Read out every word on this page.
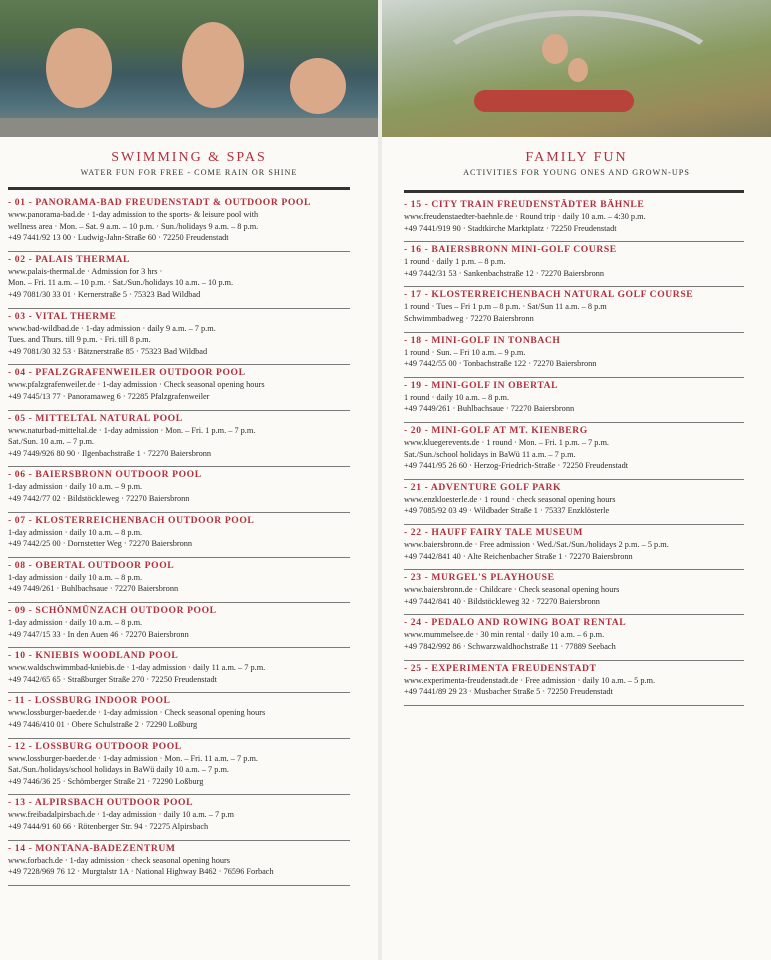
SWIMMING & SPAS

WATER FUN FOR FREE - COME RAIN OR SHINE

- 01 - PANORAMA-BAD FREUDENSTADT & OUTDOOR POOL
www.panorama-bad.de · 1-day admission to the sports- & leisure pool with
wellness area · Mon. – Sat. 9 a.m. – 10 p.m. · Sun./holidays 9 a.m. – 8 p.m.
+49 7441/92 13 00 · Ludwig-Jahn-Straße 60 · 72250 Freudenstadt
- 02 - PALAIS THERMAL
www.palais-thermal.de · Admission for 3 hrs ·
Mon. – Fri. 11 a.m. – 10 p.m. · Sat./Sun./holidays 10 a.m. – 10 p.m.
+49 7081/30 33 01 · Kernerstraße 5 · 75323 Bad Wildbad
- 03 - VITAL THERME
www.bad-wildbad.de · 1-day admission · daily 9 a.m. – 7 p.m.
Tues. and Thurs. till 9 p.m. · Fri. till 8 p.m.
+49 7081/30 32 53 · Bätznerstraße 85 · 75323 Bad Wildbad
- 04 - PFALZGRAFENWEILER OUTDOOR POOL
www.pfalzgrafenweiler.de · 1-day admission · Check seasonal opening hours
+49 7445/13 77 · Panoramaweg 6 · 72285 Pfalzgrafenweiler
- 05 - MITTELTAL NATURAL POOL
www.naturbad-mitteltal.de · 1-day admission · Mon. – Fri. 1 p.m. – 7 p.m.
Sat./Sun. 10 a.m. – 7 p.m.
+49 7449/926 80 90 · Ilgenbachstraße 1 · 72270 Baiersbronn
- 06 - BAIERSBRONN OUTDOOR POOL
1-day admission · daily 10 a.m. – 9 p.m.
+49 7442/77 02 · Bildstöckleweg · 72270 Baiersbronn
- 07 - KLOSTERREICHENBACH OUTDOOR POOL
1-day admission · daily 10 a.m. – 8 p.m.
+49 7442/25 00 · Dornstetter Weg · 72270 Baiersbronn
- 08 - OBERTAL OUTDOOR POOL
1-day admission · daily 10 a.m. – 8 p.m.
+49 7449/261 · Buhlbachsaue · 72270 Baiersbronn
- 09 - SCHÖNMÜNZACH OUTDOOR POOL
1-day admission · daily 10 a.m. – 8 p.m.
+49 7447/15 33 · In den Auen 46 · 72270 Baiersbronn
- 10 - KNIEBIS WOODLAND POOL
www.waldschwimmbad-kniebis.de · 1-day admission · daily 11 a.m. – 7 p.m.
+49 7442/65 65 · Straßburger Straße 270 · 72250 Freudenstadt
- 11 - LOSSBURG INDOOR POOL
www.lossburger-baeder.de · 1-day admission · Check seasonal opening hours
+49 7446/410 01 · Obere Schulstraße 2 · 72290 Loßburg
- 12 - LOSSBURG OUTDOOR POOL
www.lossburger-baeder.de · 1-day admission · Mon. – Fri. 11 a.m. – 7 p.m.
Sat./Sun./holidays/school holidays in BaWü daily 10 a.m. – 7 p.m.
+49 7446/36 25 · Schömberger Straße 21 · 72290 Loßburg
- 13 - ALPIRSBACH OUTDOOR POOL
www.freibadalpirsbach.de · 1-day admission · daily 10 a.m. – 7 p.m
+49 7444/91 60 66 · Rötenberger Str. 94 · 72275 Alpirsbach
- 14 - MONTANA-BADEZENTRUM
www.forbach.de · 1-day admission · check seasonal opening hours
+49 7228/969 76 12 · Murgtalstr 1A · National Highway B462 · 76596 Forbach
FAMILY FUN

ACTIVITIES FOR YOUNG ONES AND GROWN-UPS

- 15 - CITY TRAIN FREUDENSTÄDTER BÄHNLE
www.freudenstaedter-baehnle.de · Round trip · daily 10 a.m. – 4:30 p.m.
+49 7441/919 90 · Stadtkirche Marktplatz · 72250 Freudenstadt
- 16 - BAIERSBRONN MINI-GOLF COURSE
1 round · daily 1 p.m. – 8 p.m.
+49 7442/31 53 · Sankenbachstraße 12 · 72270 Baiersbronn
- 17 - KLOSTERREICHENBACH NATURAL GOLF COURSE
1 round · Tues – Fri 1 p.m – 8 p.m. · Sat/Sun 11 a.m. – 8 p.m
Schwimmbadweg · 72270 Baiersbronn
- 18 - MINI-GOLF IN TONBACH
1 round · Sun. – Fri 10 a.m. – 9 p.m.
+49 7442/55 00 · Tonbachstraße 122 · 72270 Baiersbronn
- 19 - MINI-GOLF IN OBERTAL
1 round · daily 10 a.m. – 8 p.m.
+49 7449/261 · Buhlbachsaue · 72270 Baiersbronn
- 20 - MINI-GOLF AT MT. KIENBERG
www.kluegerevents.de · 1 round · Mon. – Fri. 1 p.m. – 7 p.m.
Sat./Sun./school holidays in BaWü 11 a.m. – 7 p.m.
+49 7441/95 26 60 · Herzog-Friedrich-Straße · 72250 Freudenstadt
- 21 - ADVENTURE GOLF PARK
www.enzkloesterle.de · 1 round · check seasonal opening hours
+49 7085/92 03 49 · Wildbader Straße 1 · 75337 Enzklösterle
- 22 - HAUFF FAIRY TALE MUSEUM
www.baiersbronn.de · Free admission · Wed./Sat./Sun./holidays 2 p.m. – 5 p.m.
+49 7442/841 40 · Alte Reichenbacher Straße 1 · 72270 Baiersbronn
- 23 - MURGEL'S PLAYHOUSE
www.baiersbronn.de · Childcare · Check seasonal opening hours
+49 7442/841 40 · Bildstöckleweg 32 · 72270 Baiersbronn
- 24 - PEDALO AND ROWING BOAT RENTAL
www.mummelsee.de · 30 min rental · daily 10 a.m. – 6 p.m.
+49 7842/992 86 · Schwarzwaldhochstraße 11 · 77889 Seebach
- 25 - EXPERIMENTA FREUDENSTADT
www.experimenta-freudenstadt.de · Free admission · daily 10 a.m. – 5 p.m.
+49 7441/89 29 23 · Musbacher Straße 5 · 72250 Freudenstadt
